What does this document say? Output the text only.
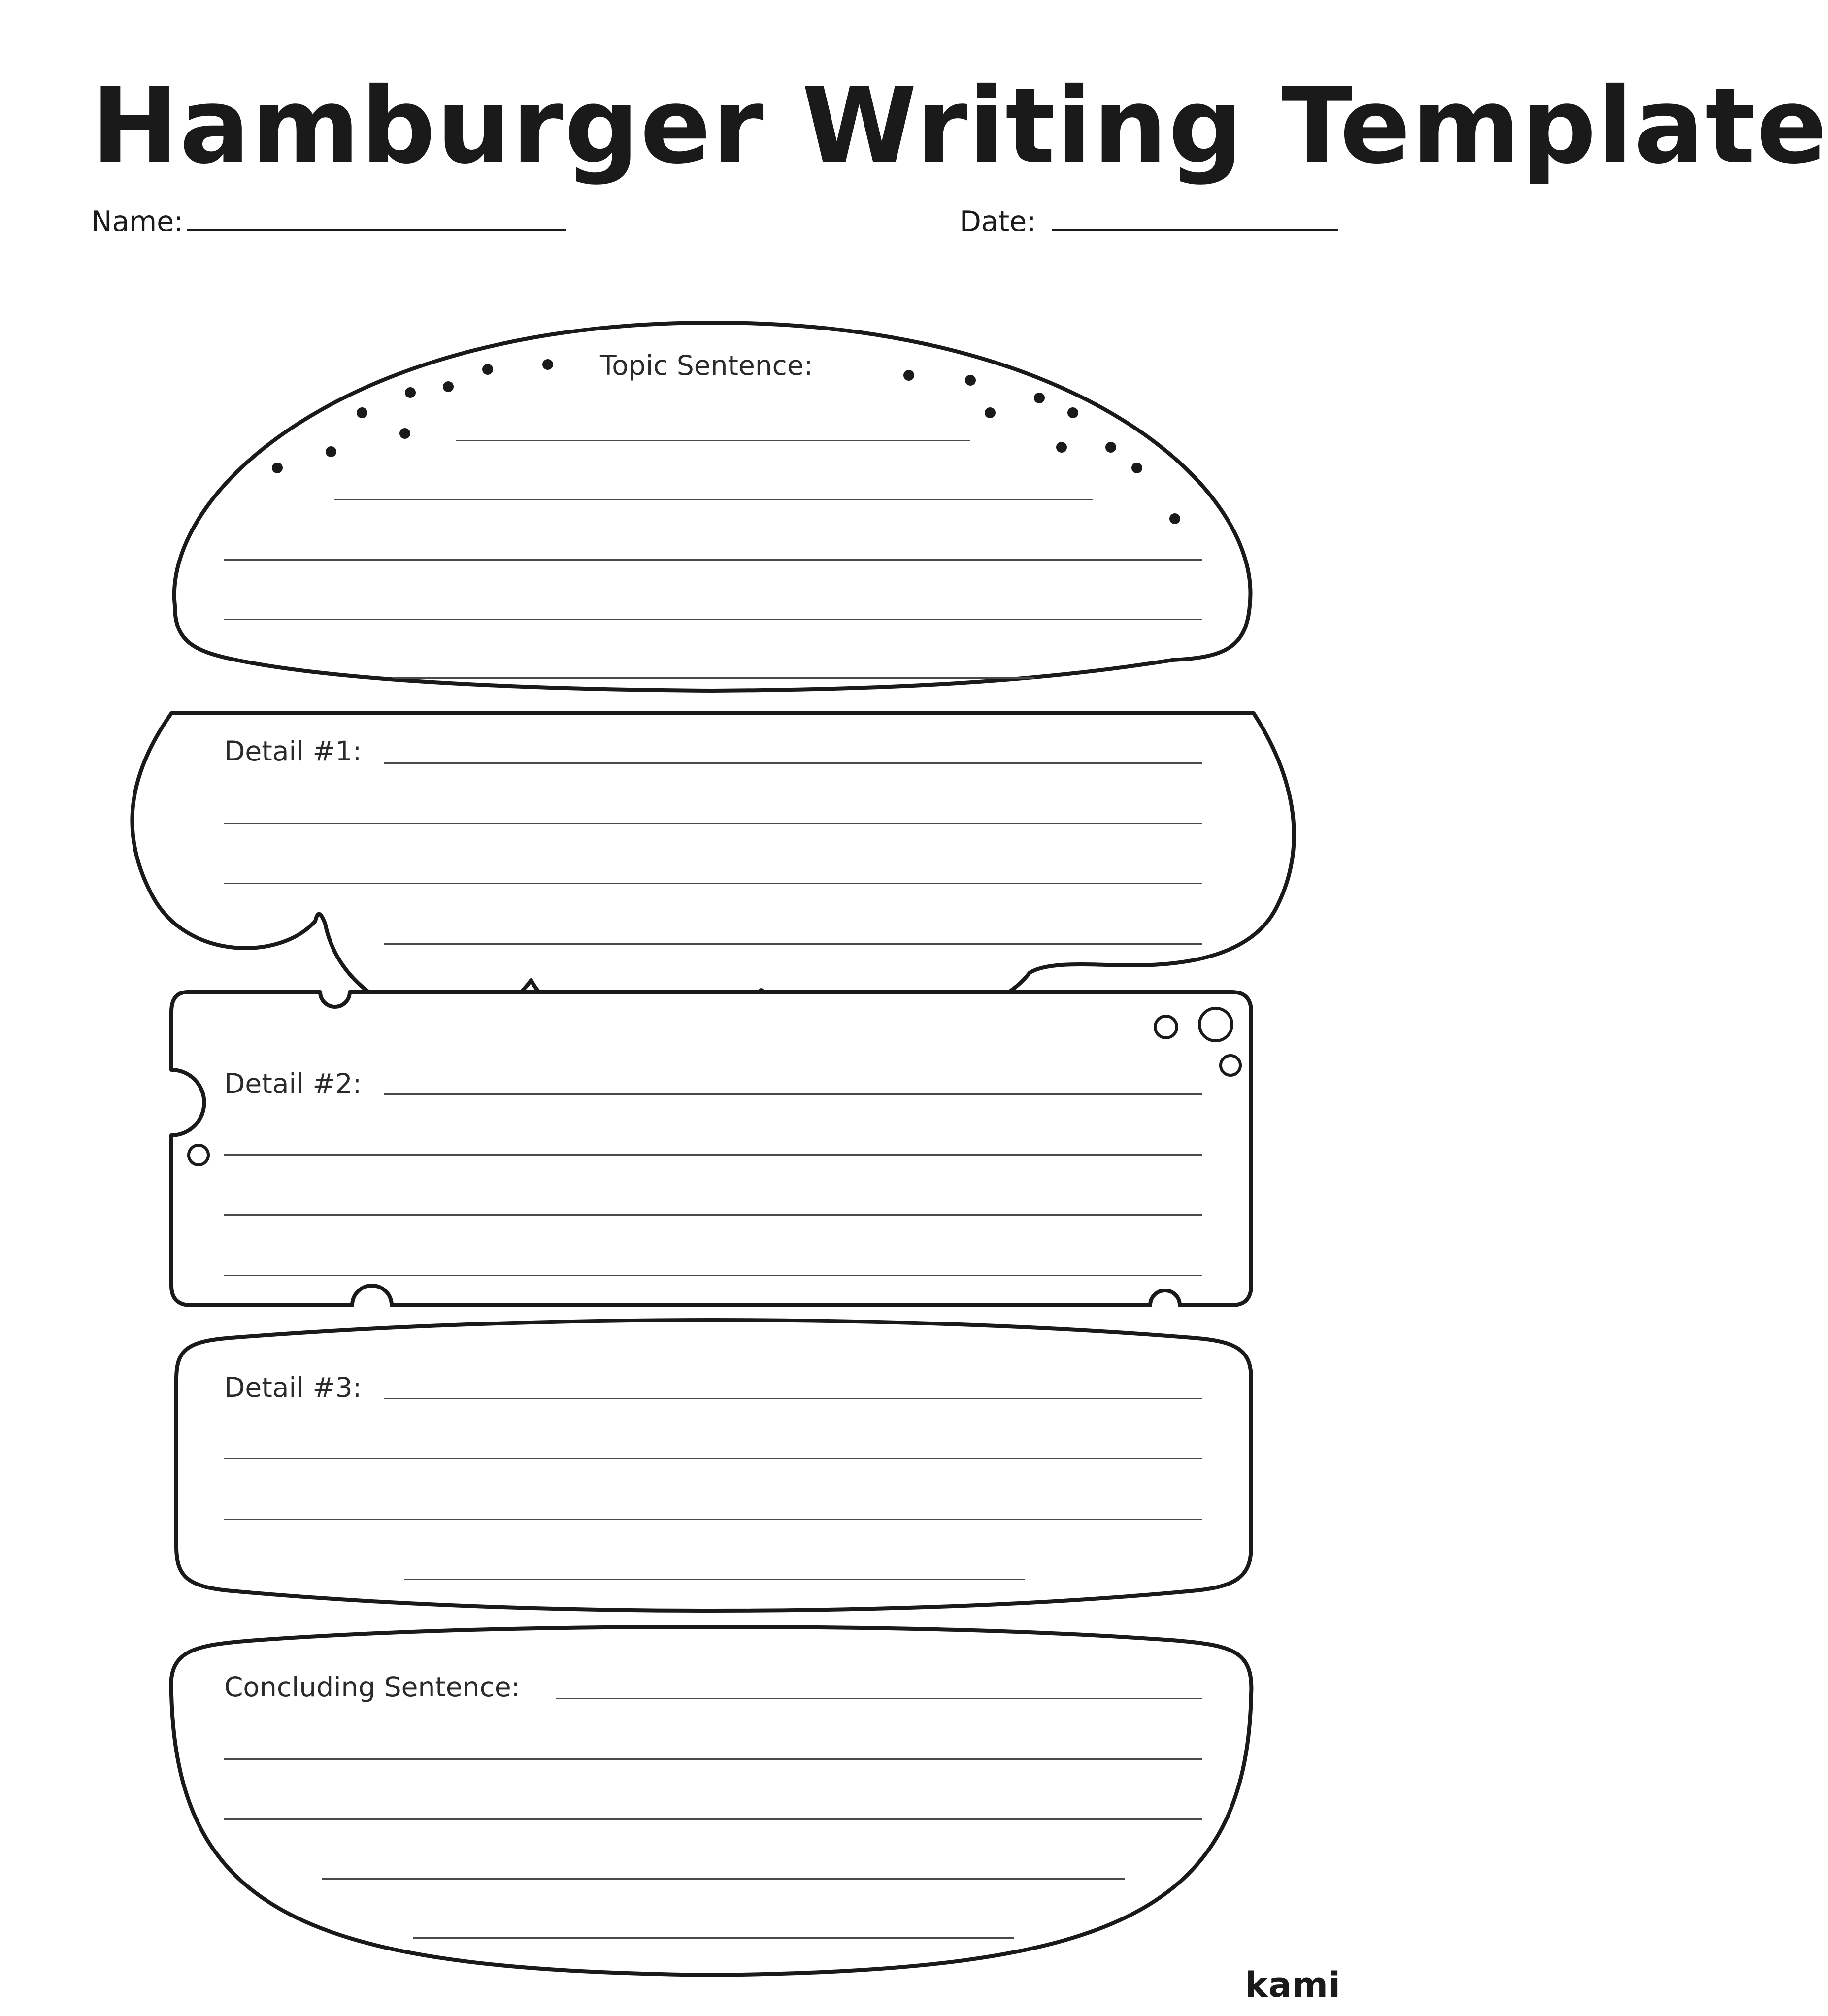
Hamburger Writing Template
Name:	Date:
Topic Sentence:
Detail #1:
Detail #2:
Detail #3:
Concluding Sentence:
kami
